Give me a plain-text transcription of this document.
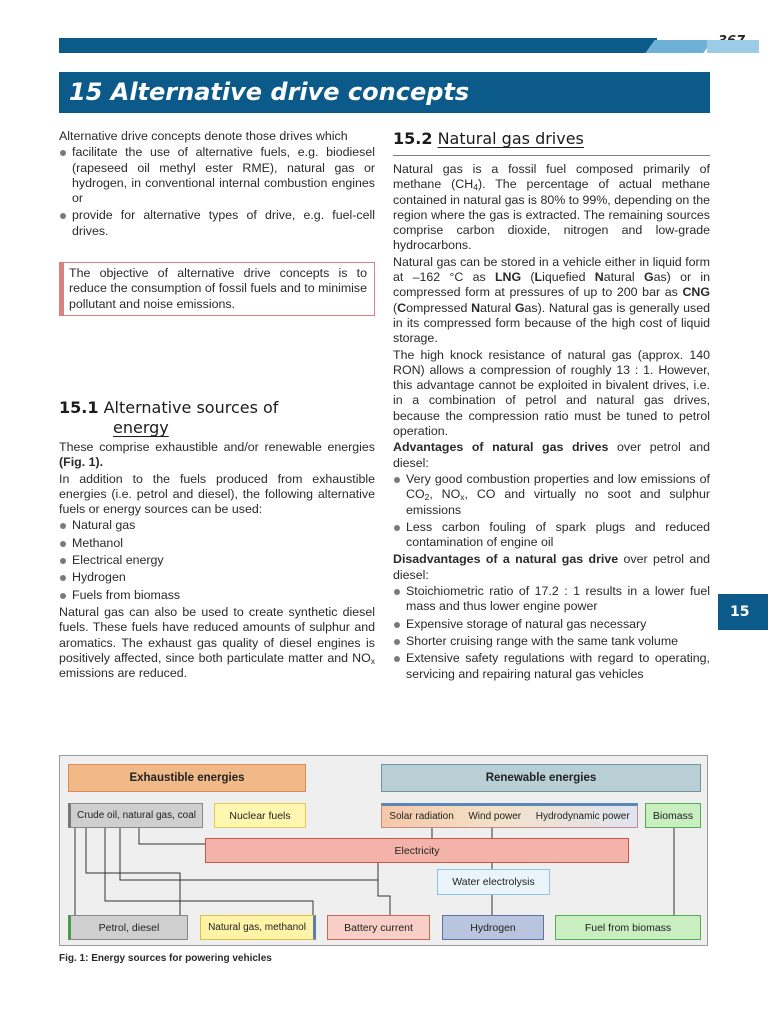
15 Alternative drive concepts
15

Alternative drive concepts denote those drives which

facilitate the use of alternative fuels, e.g. biodiesel (rapeseed oil methyl ester RME), natural gas or hydrogen, in conventional internal combustion engines or
provide for alternative types of drive, e.g. fuel-cell drives.
The objective of alternative drive concepts is to reduce the consumption of fossil fuels and to minimise pollutant and noise emissions.
15.1 Alternative sources of
energy

These comprise exhaustible and/or renewable energies (Fig. 1).

In addition to the fuels produced from exhaustible energies (i.e. petrol and diesel), the following alternative fuels or energy sources can be used:

Natural gas
Methanol
Electrical energy
Hydrogen
Fuels from biomass

Natural gas can also be used to create synthetic diesel fuels. These fuels have reduced amounts of sulphur and aromatics. The exhaust gas quality of diesel engines is positively affected, since both particulate matter and $NO_x$ emissions are reduced.

15.2 Natural gas drives

Natural gas is a fossil fuel composed primarily of methane $(CH_4)$. The percentage of actual methane contained in natural gas is 80% to 99%, depending on the region where the gas is extracted. The remaining sources comprise carbon dioxide, nitrogen and low-grade hydrocarbons.

Natural gas can be stored in a vehicle either in liquid form at –162 °C as LNG (Liquefied Natural Gas) or in compressed form at pressures of up to 200 bar as CNG (Compressed Natural Gas). Natural gas is generally used in its compressed form because of the high cost of liquid storage.

The high knock resistance of natural gas (approx. 140 RON) allows a compression of roughly 13 : 1. However, this advantage cannot be exploited in bivalent drives, i.e. in a combination of petrol and natural gas drives, because the compression ratio must be tuned to petrol operation.

Advantages of natural gas drives over petrol and diesel:

Very good combustion properties and low emissions of $CO_2$, $NO_x$, CO and virtually no soot and sulphur emissions
Less carbon fouling of spark plugs and reduced contamination of engine oil

Disadvantages of a natural gas drive over petrol and diesel:

Stoichiometric ratio of 17.2 : 1 results in a lower fuel mass and thus lower engine power
Expensive storage of natural gas necessary
Shorter cruising range with the same tank volume
Extensive safety regulations with regard to operating, servicing and repairing natural gas vehicles
Exhaustible energies	Renewable energies
Crude oil, natural gas, coal	Nuclear fuels	Solar radiation Wind power Hydrodynamic power	Biomass
Electricity
Water electrolysis
Petrol, diesel	Natural gas, methanol	Battery current	Hydrogen	Fuel from biomass
Fig. 1: Energy sources for powering vehicles
